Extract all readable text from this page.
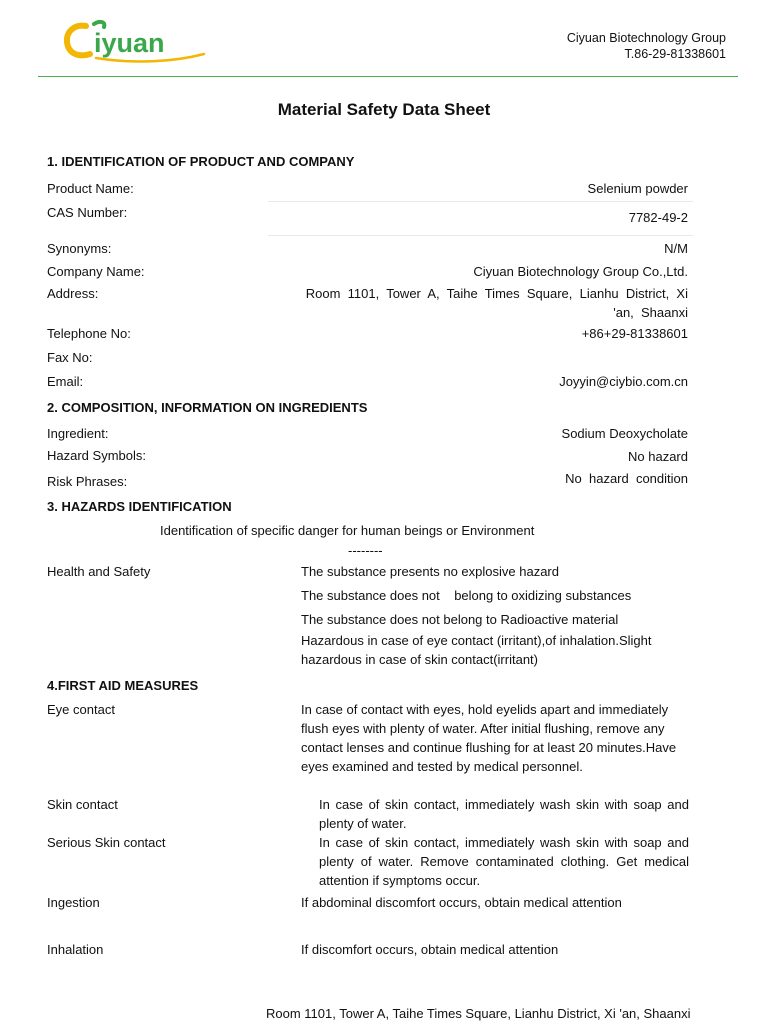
iyuan	Ciyuan Biotechnology Group
T.86-29-81338601
Material Safety Data Sheet
1. IDENTIFICATION OF PRODUCT AND COMPANY
Product Name:	Selenium powder
CAS Number:	7782-49-2
Synonyms:	N/M
Company Name:	Ciyuan Biotechnology Group Co.,Ltd.
Address:	Room  1101,  Tower  A,  Taihe  Times  Square,  Lianhu  District,  Xi
'an,  Shaanxi
Telephone No:	+86+29-81338601
Fax No:
Email:	Joyyin@ciybio.com.cn
2. COMPOSITION, INFORMATION ON INGREDIENTS
Ingredient:	Sodium Deoxycholate
Hazard Symbols:	No hazard
Risk Phrases:	No  hazard  condition
3. HAZARDS IDENTIFICATION
Identification of specific danger for human beings or Environment
--------
Health and Safety	The substance presents no explosive hazard
The substance does not    belong to oxidizing substances
The substance does not belong to Radioactive material
Hazardous in case of eye contact (irritant),of inhalation.Slight hazardous in case of skin contact(irritant)
4.FIRST AID MEASURES
Eye contact	In case of contact with eyes, hold eyelids apart and immediately flush eyes with plenty of water. After initial flushing, remove any contact lenses and continue flushing for at least 20 minutes.Have eyes examined and tested by medical personnel.
Skin contact	In case of skin contact, immediately wash skin with soap and plenty of water.
Serious Skin contact	In case of skin contact, immediately wash skin with soap and plenty of water. Remove contaminated clothing. Get medical attention if symptoms occur.
Ingestion	If abdominal discomfort occurs, obtain medical attention
Inhalation	If discomfort occurs, obtain medical attention
Room 1101, Tower A, Taihe Times Square, Lianhu District, Xi 'an, Shaanxi
